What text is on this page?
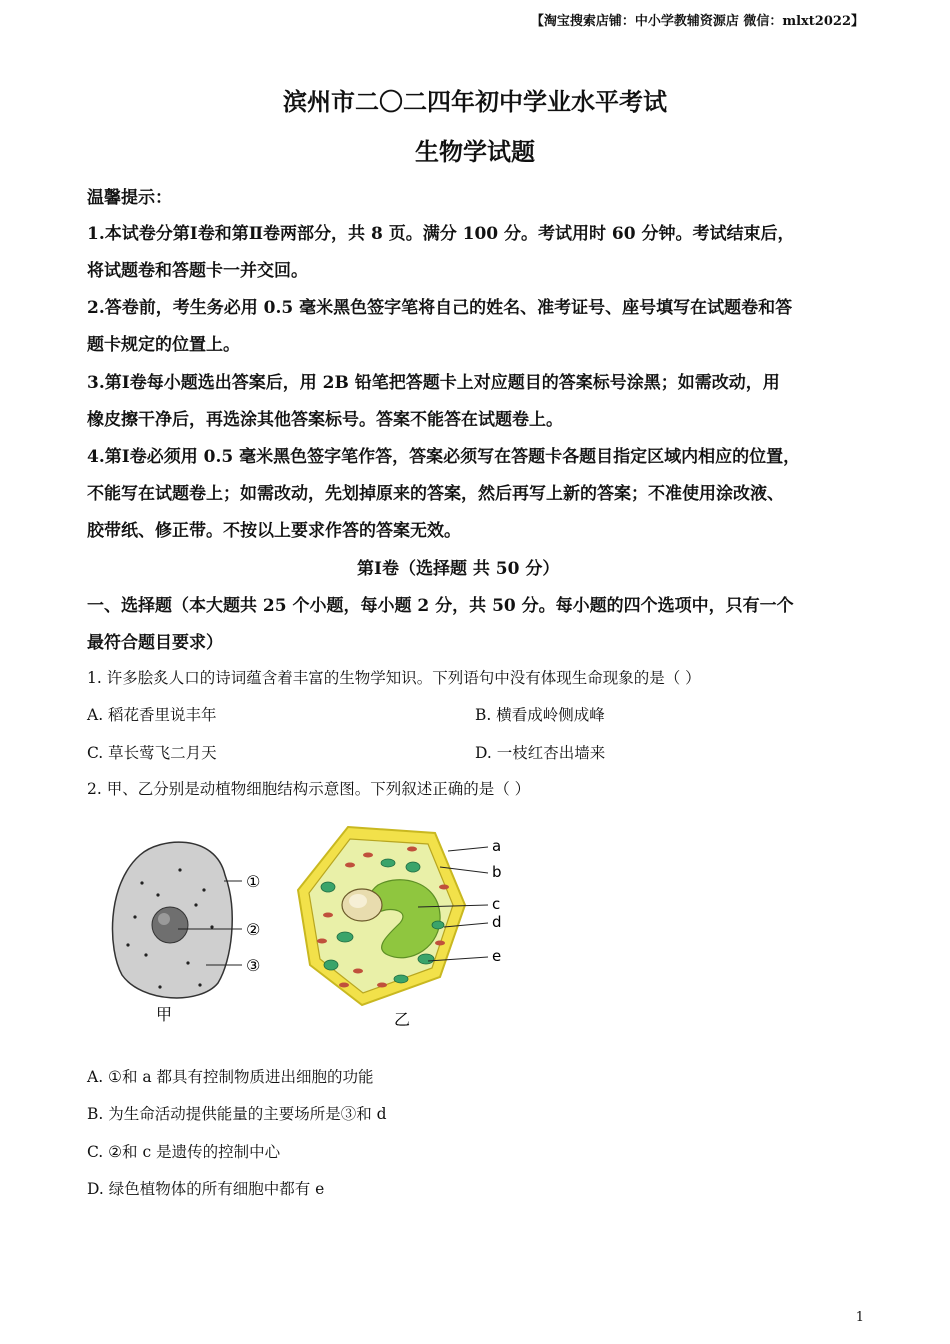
【淘宝搜索店铺：中小学教辅资源店 微信：mlxt2022】
滨州市二〇二四年初中学业水平考试
生物学试题
温馨提示：
1.本试卷分第Ⅰ卷和第Ⅱ卷两部分，共 8 页。满分 100 分。考试用时 60 分钟。考试结束后，
将试题卷和答题卡一并交回。
2.答卷前，考生务必用 0.5 毫米黑色签字笔将自己的姓名、准考证号、座号填写在试题卷和答
题卡规定的位置上。
3.第Ⅰ卷每小题选出答案后，用 2B 铅笔把答题卡上对应题目的答案标号涂黑；如需改动，用
橡皮擦干净后，再选涂其他答案标号。答案不能答在试题卷上。
4.第Ⅰ卷必须用 0.5 毫米黑色签字笔作答，答案必须写在答题卡各题目指定区域内相应的位置，
不能写在试题卷上；如需改动，先划掉原来的答案，然后再写上新的答案；不准使用涂改液、
胶带纸、修正带。不按以上要求作答的答案无效。
第Ⅰ卷（选择题 共 50 分）
一、选择题（本大题共 25 个小题，每小题 2 分，共 50 分。每小题的四个选项中，只有一个
最符合题目要求）
1. 许多脍炙人口的诗词蕴含着丰富的生物学知识。下列语句中没有体现生命现象的是（ ）
A. 稻花香里说丰年	B. 横看成岭侧成峰
C. 草长莺飞二月天	D. 一枝红杏出墙来
2. 甲、乙分别是动植物细胞结构示意图。下列叙述正确的是（ ）
①
②
③
甲
a
b
c
d
e
乙
A. ①和 a 都具有控制物质进出细胞的功能
B. 为生命活动提供能量的主要场所是③和 d
C. ②和 c 是遗传的控制中心
D. 绿色植物体的所有细胞中都有 e
1
